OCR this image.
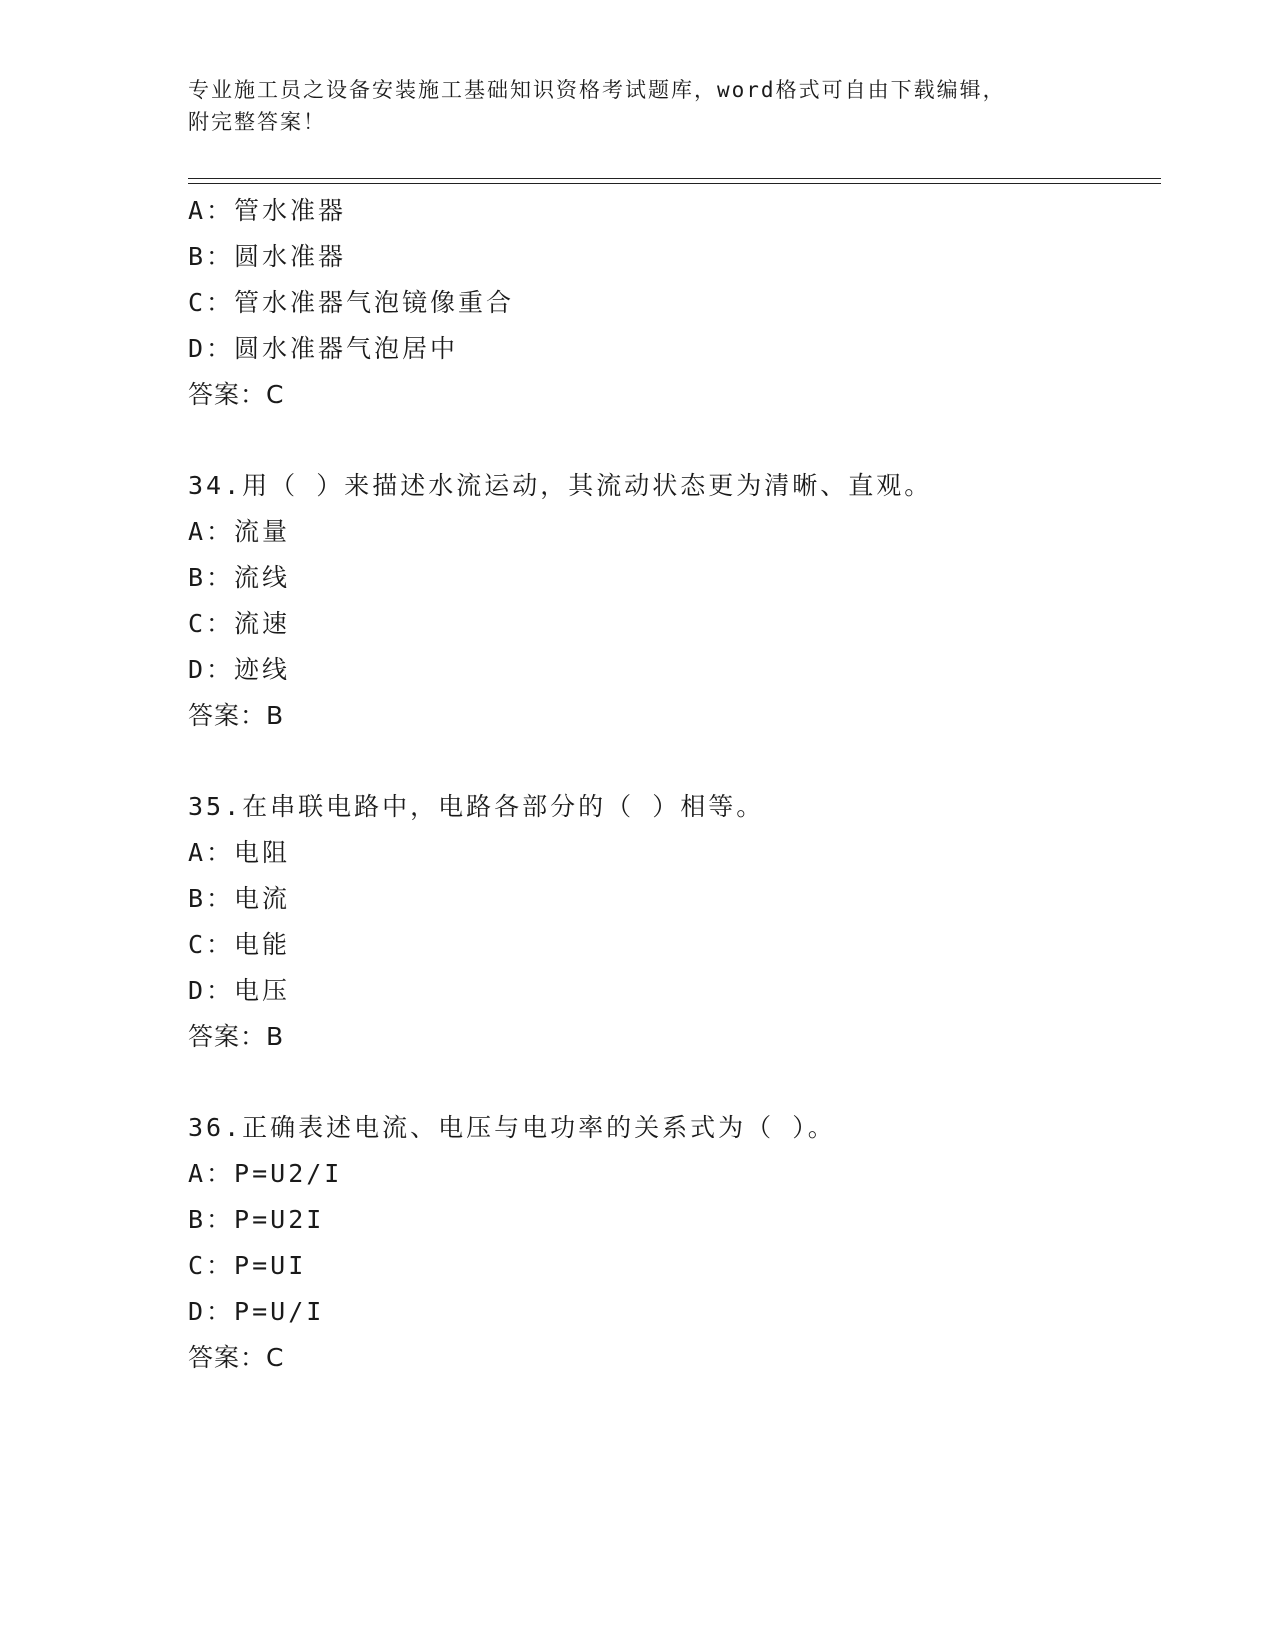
专业施工员之设备安装施工基础知识资格考试题库，word格式可自由下载编辑，
附完整答案！
A：管水准器
B：圆水准器
C：管水准器气泡镜像重合
D：圆水准器气泡居中
答案：C
34.用（ ）来描述水流运动，其流动状态更为清晰、直观。
A：流量
B：流线
C：流速
D：迹线
答案：B
35.在串联电路中，电路各部分的（ ）相等。
A：电阻
B：电流
C：电能
D：电压
答案：B
36.正确表述电流、电压与电功率的关系式为（ ）。
A：P=U2/I
B：P=U2I
C：P=UI
D：P=U/I
答案：C
